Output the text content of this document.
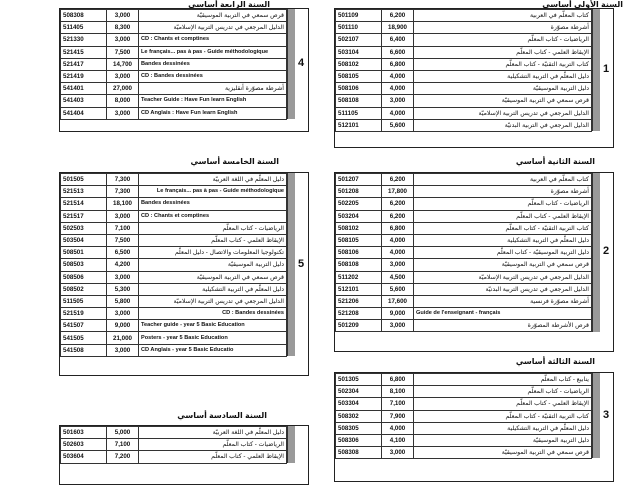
السنة الأولى أساسي
السنة الثانية أساسي
السنة الثالثة أساسي
السنة الرابعة أساسي
السنة الخامسة أساسي
السنة السادسة أساسي
501109	6,200	كتاب المعلّم في العربية
501110	18,900	أشرطة مصوّرة
502107	6,400	الرياضيات - كتاب المعلّم
503104	6,600	الإيقاظ العلمي - كتاب المعلّم
508102	6,800	كتاب التربية التقنيّة - كتاب المعلّم
508105	4,000	دليل المعلّم في التربية التشكيلية
508106	4,000	دليل التربية الموسيقيّة
508108	3,000	قرص سمعي في التربية الموسيقيّة
511105	4,000	الدليل المرجعي في تدريس التربية الإسلاميّة
512101	5,600	الدليل المرجعي في التربية البدنيّة
1
501207	6,200	كتاب المعلّم في العربية
501208	17,800	أشرطة مصوّرة
502205	6,200	الرياضيات - كتاب المعلّم
503204	6,200	الإيقاظ العلمي - كتاب المعلّم
508102	6,800	كتاب التربية التقنيّة - كتاب المعلّم
508105	4,000	دليل المعلّم في التربية التشكيلية
508106	4,000	دليل التربية الموسيقيّة - كتاب المعلّم
508108	3,000	قرص سمعي في التربية الموسيقيّة
511202	4,500	الدليل المرجعي في تدريس التربية الإسلاميّة
512101	5,600	الدليل المرجعي في تدريس التربية البدنيّة
521206	17,600	أشرطة مصوّرة فرنسية
521208	9,000	Guide de l'enseignant - français
501209	3,000	قرص الأشرطة المصوّرة
2
501305	6,800	ينابيع - كتاب المعلّم
502304	8,100	الرياضيات - كتاب المعلّم
503304	7,100	الإيقاظ العلمي - كتاب المعلّم
508302	7,900	كتاب التربية التقنيّة - كتاب المعلّم
508305	4,000	دليل المعلّم في التربية التشكيلية
508306	4,100	دليل التربية الموسيقيّة
508308	3,000	قرص سمعي في التربية الموسيقيّة
3
508308	3,000	قرص سمعي في التربية الموسيقيّة
511405	8,300	الدليل المرجعي في تدريس التربية الإسلاميّة
521330	3,000	CD : Chants et comptines
521415	7,500	Le français... pas à pas - Guide méthodologique
521417	14,700	Bandes dessinées
521419	3,000	CD : Bandes dessinées
541401	27,000	أشرطة مصوّرة أنقليزية
541403	8,000	Teacher Guide : Have Fun learn English
541404	3,000	CD Anglais : Have Fun learn English
4
501505	7,300	دليل المعلّم في اللغة العربيّة
521513	7,300	Le français... pas à pas - Guide méthodologique
521514	18,100	Bandes dessinées
521517	3,000	CD : Chants et comptines
502503	7,100	الرياضيات - كتاب المعلّم
503504	7,500	الإيقاظ العلمي - كتاب المعلّم
508501	6,500	تكنولوجيا المعلومات والاتصال - دليل المعلّم
508503	4,200	دليل التربية الموسيقيّة
508506	3,000	قرص سمعي في التربية الموسيقيّة
508502	5,300	دليل المعلّم في التربية التشكيلية
511505	5,800	الدليل المرجعي في تدريس التربية الإسلاميّة
521519	3,000	CD : Bandes dessinées
541507	9,000	Teacher guide - year 5 Basic Education
541505	21,000	Posters - year 5 Basic Education
541508	3,000	CD Anglais - year 5 Basic Educatio
5
501603	5,000	دليل المعلّم في اللغة العربيّة
502603	7,100	الرياضيات - كتاب المعلّم
503604	7,200	الإيقاظ العلمي - كتاب المعلّم
